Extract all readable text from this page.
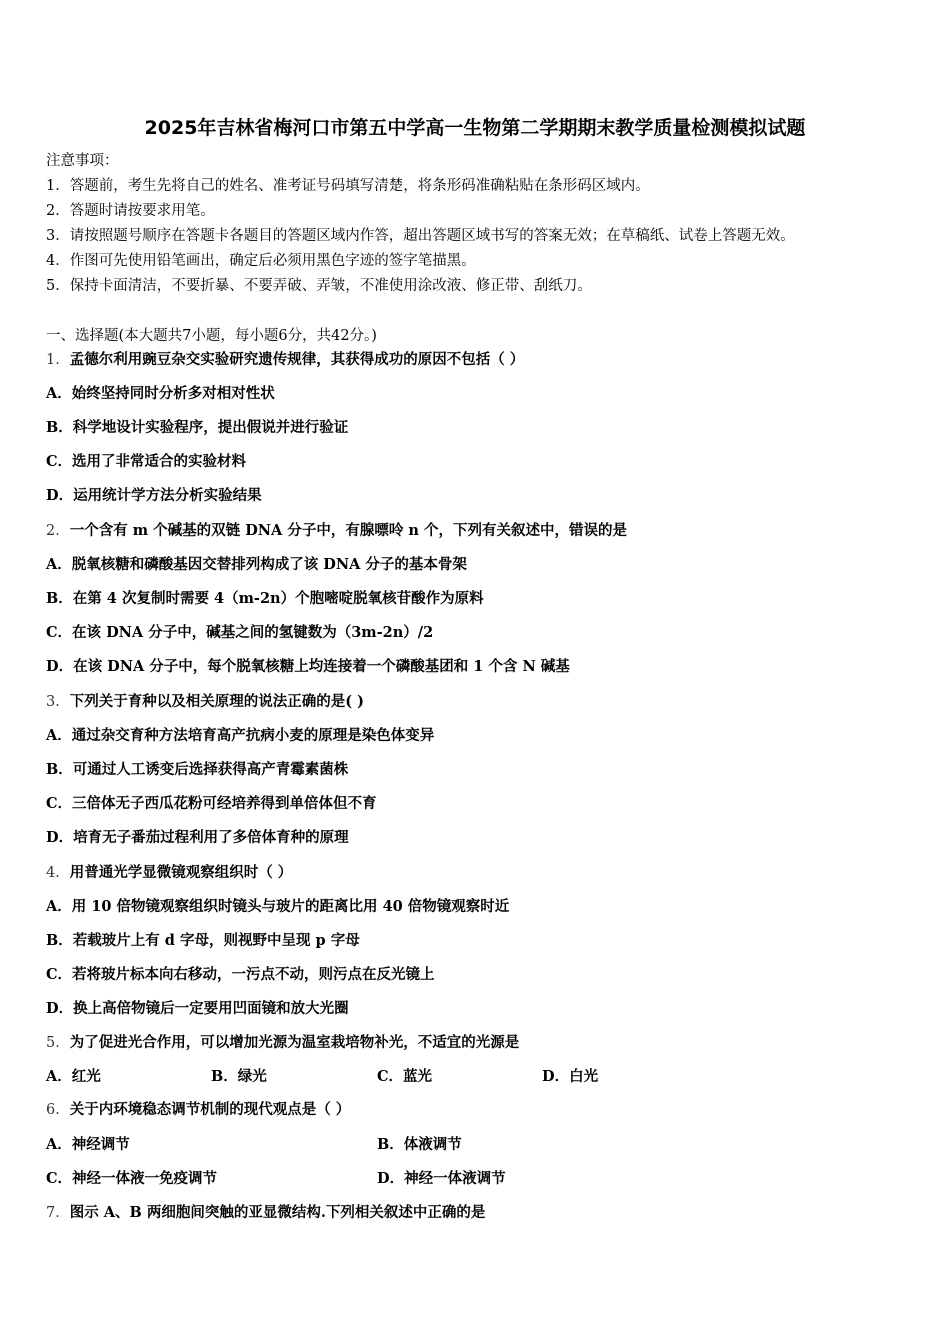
2025年吉林省梅河口市第五中学高一生物第二学期期末教学质量检测模拟试题
注意事项：
1．答题前，考生先将自己的姓名、准考证号码填写清楚，将条形码准确粘贴在条形码区域内。
2．答题时请按要求用笔。
3．请按照题号顺序在答题卡各题目的答题区域内作答，超出答题区域书写的答案无效；在草稿纸、试卷上答题无效。
4．作图可先使用铅笔画出，确定后必须用黑色字迹的签字笔描黑。
5．保持卡面清洁，不要折暴、不要弄破、弄皱，不准使用涂改液、修正带、刮纸刀。
一、选择题(本大题共7小题，每小题6分，共42分。)
1．孟德尔利用豌豆杂交实验研究遗传规律，其获得成功的原因不包括（ ）
A．始终坚持同时分析多对相对性状
B．科学地设计实验程序，提出假说并进行验证
C．选用了非常适合的实验材料
D．运用统计学方法分析实验结果
2．一个含有 m 个碱基的双链 DNA 分子中，有腺嘌呤 n 个，下列有关叙述中，错误的是
A．脱氧核糖和磷酸基因交替排列构成了该 DNA 分子的基本骨架
B．在第 4 次复制时需要 4（m-2n）个胞嘧啶脱氧核苷酸作为原料
C．在该 DNA 分子中，碱基之间的氢键数为（3m-2n）/2
D．在该 DNA 分子中，每个脱氧核糖上均连接着一个磷酸基团和 1 个含 N 碱基
3．下列关于育种以及相关原理的说法正确的是( )
A．通过杂交育种方法培育高产抗病小麦的原理是染色体变异
B．可通过人工诱变后选择获得高产青霉素菌株
C．三倍体无子西瓜花粉可经培养得到单倍体但不育
D．培育无子番茄过程利用了多倍体育种的原理
4．用普通光学显微镜观察组织时（ ）
A．用 10 倍物镜观察组织时镜头与玻片的距离比用 40 倍物镜观察时近
B．若载玻片上有 d 字母，则视野中呈现 p 字母
C．若将玻片标本向右移动，一污点不动，则污点在反光镜上
D．换上高倍物镜后一定要用凹面镜和放大光圈
5．为了促进光合作用，可以增加光源为温室栽培物补光，不适宜的光源是
A．红光	B．绿光	C．蓝光	D．白光
6．关于内环境稳态调节机制的现代观点是（ ）
A．神经调节	B．体液调节
C．神经一体液一免疫调节	D．神经一体液调节
7．图示 A、B 两细胞间突触的亚显微结构.下列相关叙述中正确的是
